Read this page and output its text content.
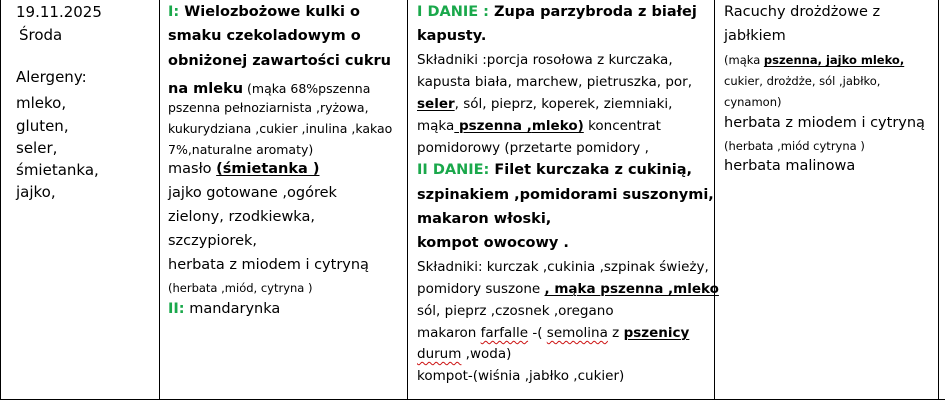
19.11.2025
Środa
Alergeny:
mleko,
gluten,
seler,
śmietanka,
jajko,
I: Wielozbożowe kulki o
smaku czekoladowym o
obniżonej zawartości cukru
na mleku (mąka 68%pszenna
pszenna pełnoziarnista ,ryżowa,
kukurydziana ,cukier ,inulina ,kakao
7%,naturalne aromaty)
masło (śmietanka )
jajko gotowane ,ogórek
zielony, rzodkiewka,
szczypiorek,
herbata z miodem i cytryną
(herbata ,miód, cytryna )
II: mandarynka
I DANIE : Zupa parzybroda z białej
kapusty.
Składniki :porcja rosołowa z kurczaka,
kapusta biała, marchew, pietruszka, por,
seler, sól, pieprz, koperek, ziemniaki,
mąka pszenna ,mleko) koncentrat
pomidorowy (przetarte pomidory ,
II DANIE: Filet kurczaka z cukinią,
szpinakiem ,pomidorami suszonymi,
makaron włoski,
kompot owocowy .
Składniki: kurczak ,cukinia ,szpinak świeży,
pomidory suszone , mąka pszenna ,mleko
sól, pieprz ,czosnek ,oregano
makaron farfalle -( semolina z pszenicy
durum ,woda)
kompot-(wiśnia ,jabłko ,cukier)
Racuchy drożdżowe z
jabłkiem
(mąka pszenna, jajko mleko,
cukier, drożdże, sól ,jabłko,
cynamon)
herbata z miodem i cytryną
(herbata ,miód cytryna )
herbata malinowa
